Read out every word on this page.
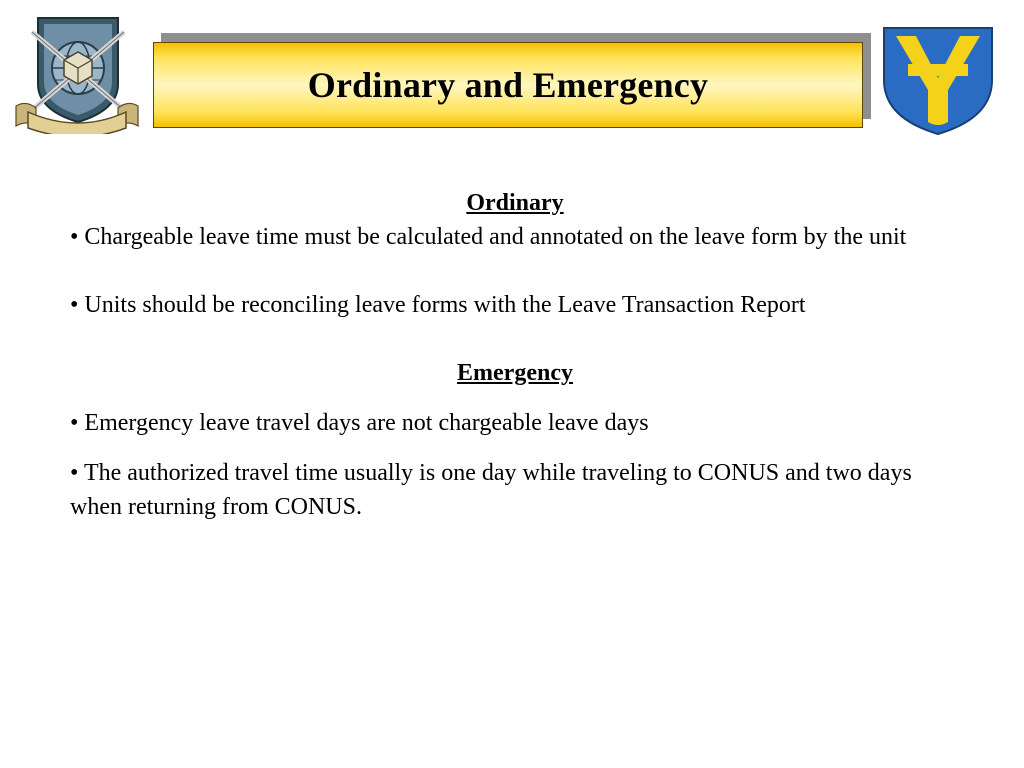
Ordinary and Emergency
Ordinary

• Chargeable leave time must be calculated and annotated on the leave form by the unit

• Units should be reconciling leave forms with the Leave Transaction Report

Emergency

• Emergency leave travel days are not chargeable leave days

• The authorized travel time usually is one day while traveling to CONUS and two days when returning from CONUS.
